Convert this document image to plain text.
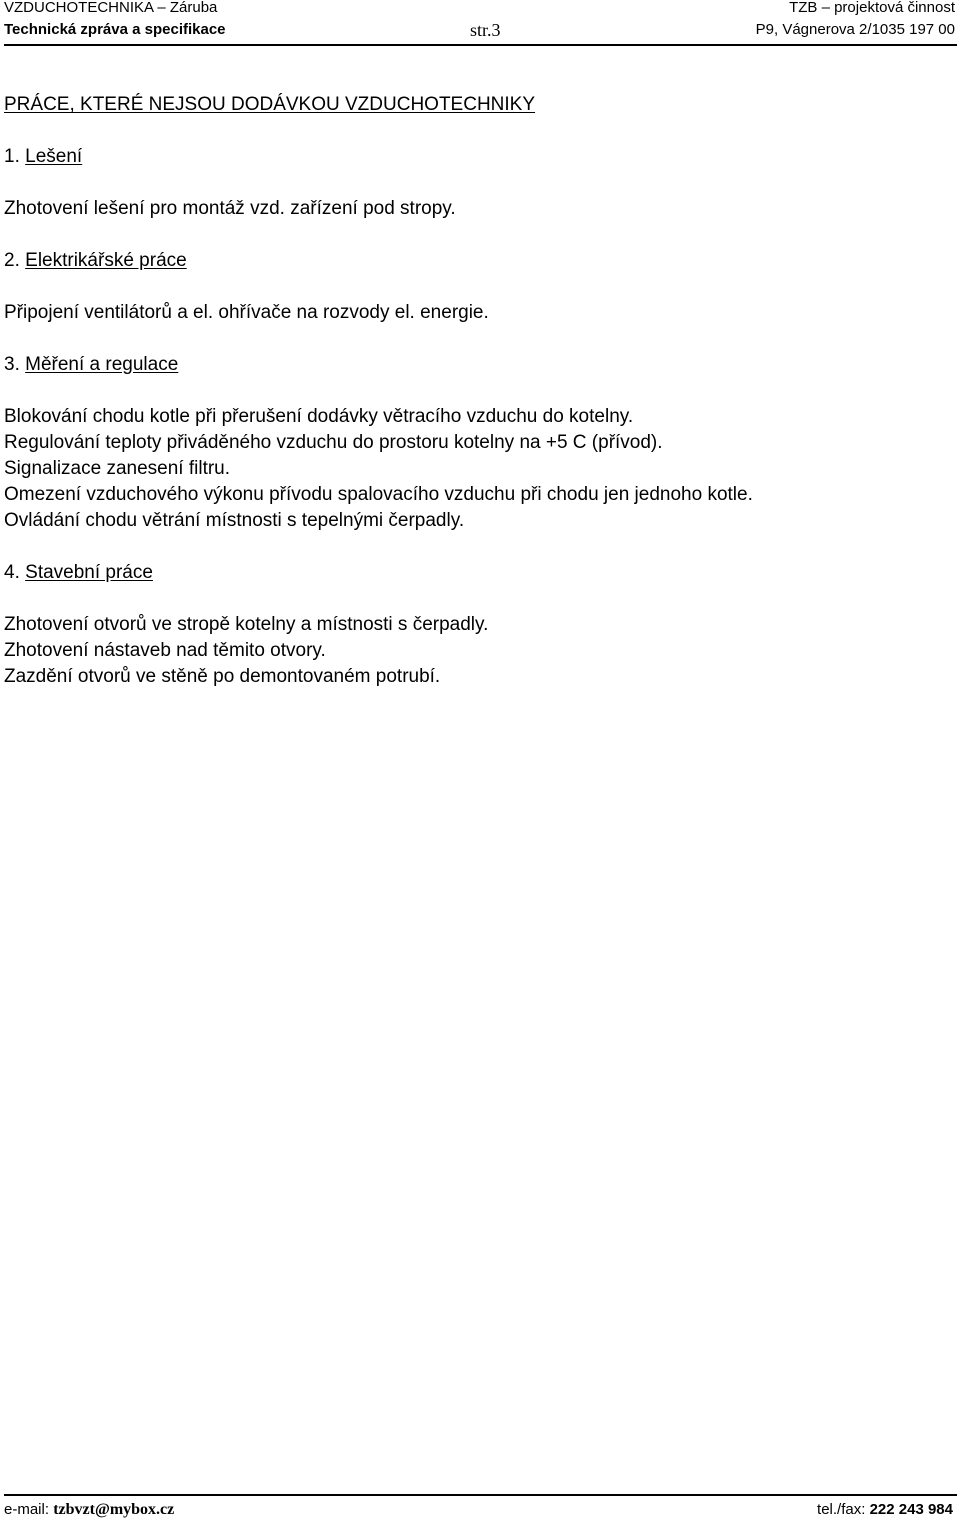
VZDUCHOTECHNIKA – Záruba	TZB – projektová činnost
Technická zpráva a specifikace	str.3	P9, Vágnerova 2/1035 197 00
PRÁCE, KTERÉ NEJSOU DODÁVKOU VZDUCHOTECHNIKY
1. Lešení
Zhotovení lešení pro montáž vzd. zařízení pod stropy.
2. Elektrikářské práce
Připojení ventilátorů a el. ohřívače na rozvody el. energie.
3. Měření a regulace
Blokování chodu kotle při přerušení dodávky větracího vzduchu do kotelny.
Regulování teploty přiváděného vzduchu do prostoru kotelny na +5 C (přívod).
Signalizace zanesení filtru.
Omezení vzduchového výkonu přívodu spalovacího vzduchu při chodu jen jednoho kotle.
Ovládání chodu větrání místnosti s tepelnými čerpadly.
4. Stavební práce
Zhotovení otvorů ve stropě kotelny a místnosti s čerpadly.
Zhotovení nástaveb nad těmito otvory.
Zazdění otvorů ve stěně po demontovaném potrubí.
e-mail: tzbvzt@mybox.cz	tel./fax: 222 243 984
